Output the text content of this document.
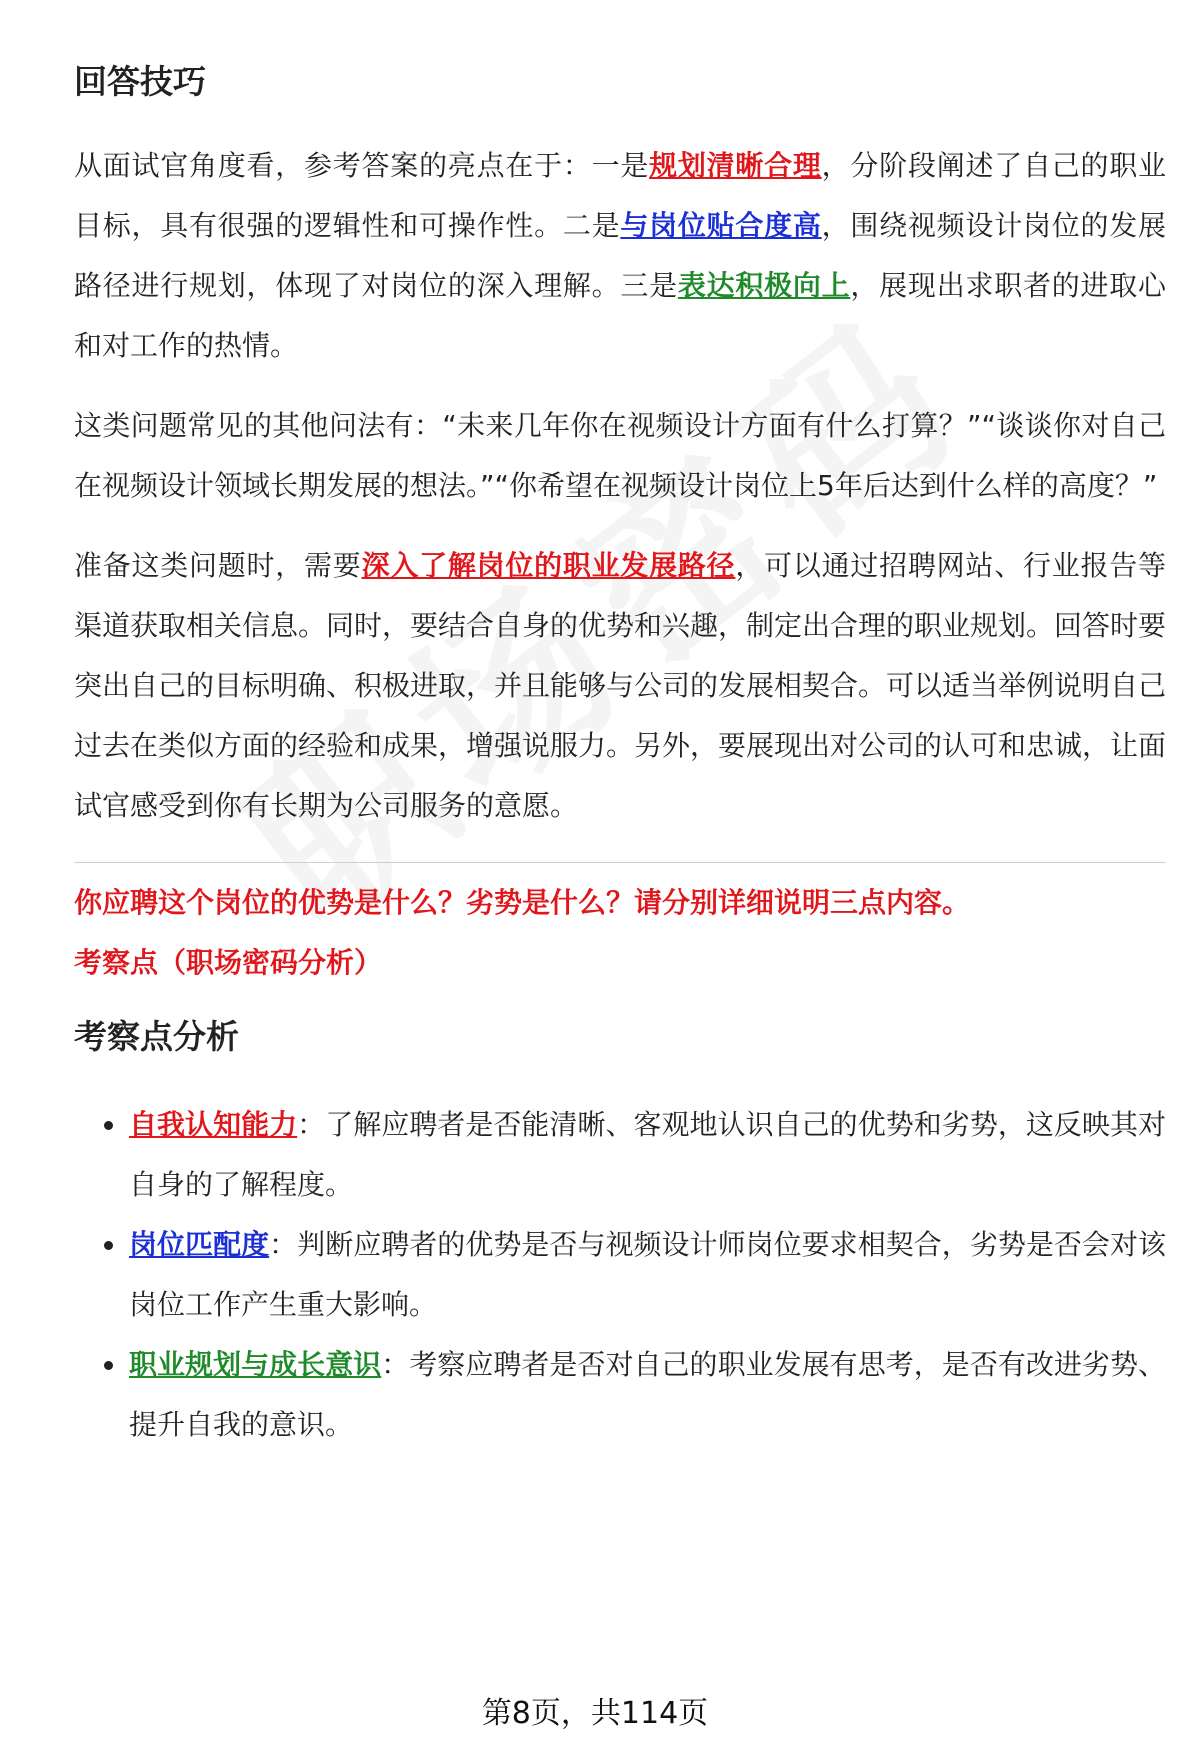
回答技巧

从面试官角度看，参考答案的亮点在于：一是规划清晰合理，分阶段阐述了自己的职业目标，具有很强的逻辑性和可操作性。二是与岗位贴合度高，围绕视频设计岗位的发展路径进行规划，体现了对岗位的深入理解。三是表达积极向上，展现出求职者的进取心和对工作的热情。

这类问题常见的其他问法有：“未来几年你在视频设计方面有什么打算？”“谈谈你对自己在视频设计领域长期发展的想法。”“你希望在视频设计岗位上5年后达到什么样的高度？”

准备这类问题时，需要深入了解岗位的职业发展路径，可以通过招聘网站、行业报告等渠道获取相关信息。同时，要结合自身的优势和兴趣，制定出合理的职业规划。回答时要突出自己的目标明确、积极进取，并且能够与公司的发展相契合。可以适当举例说明自己过去在类似方面的经验和成果，增强说服力。另外，要展现出对公司的认可和忠诚，让面试官感受到你有长期为公司服务的意愿。

你应聘这个岗位的优势是什么？劣势是什么？请分别详细说明三点内容。

考察点（职场密码分析）

考察点分析
自我认知能力：了解应聘者是否能清晰、客观地认识自己的优势和劣势，这反映其对自身的了解程度。
岗位匹配度：判断应聘者的优势是否与视频设计师岗位要求相契合，劣势是否会对该岗位工作产生重大影响。
职业规划与成长意识：考察应聘者是否对自己的职业发展有思考，是否有改进劣势、提升自我的意识。
第8页，共114页
